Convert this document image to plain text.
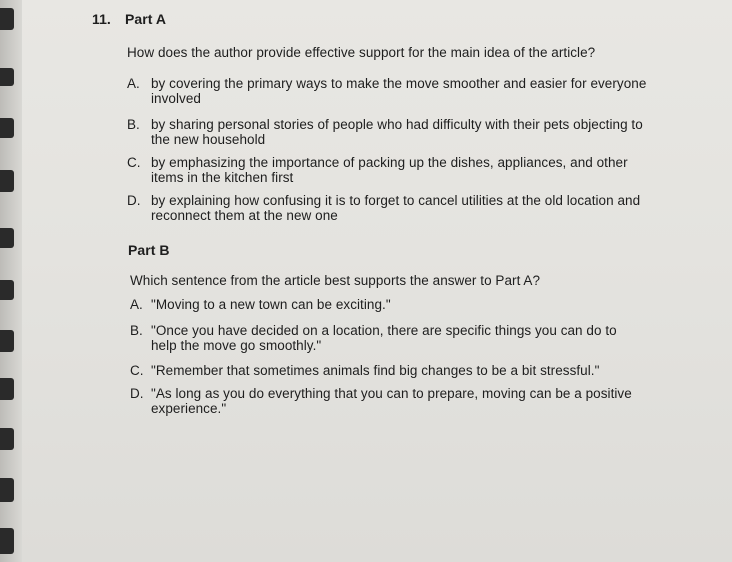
11. Part A
How does the author provide effective support for the main idea of the article?
A. by covering the primary ways to make the move smoother and easier for everyone involved
B. by sharing personal stories of people who had difficulty with their pets objecting to the new household
C. by emphasizing the importance of packing up the dishes, appliances, and other items in the kitchen first
D. by explaining how confusing it is to forget to cancel utilities at the old location and reconnect them at the new one
Part B
Which sentence from the article best supports the answer to Part A?
A. "Moving to a new town can be exciting."
B. "Once you have decided on a location, there are specific things you can do to help the move go smoothly."
C. "Remember that sometimes animals find big changes to be a bit stressful."
D. "As long as you do everything that you can to prepare, moving can be a positive experience."
